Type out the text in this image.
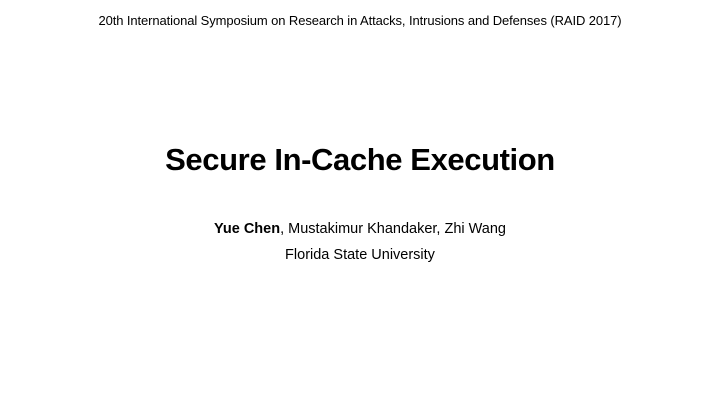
20th International Symposium on Research in Attacks, Intrusions and Defenses (RAID 2017)
Secure In-Cache Execution
Yue Chen, Mustakimur Khandaker, Zhi Wang
Florida State University
